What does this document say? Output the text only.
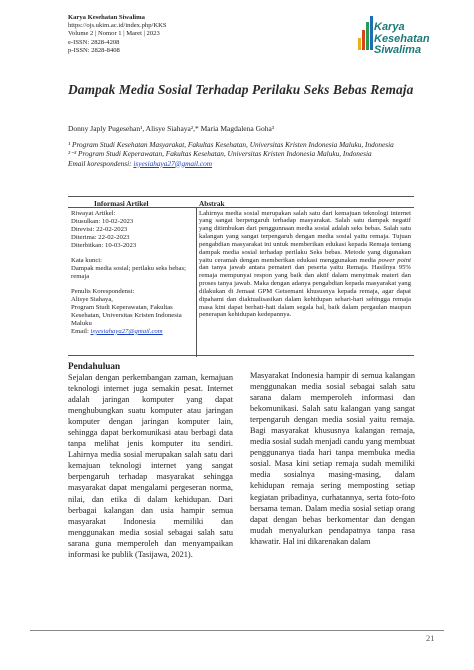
Karya Kesehatan Siwalima
https://ojs.ukim.ac.id/index.php/KKS
Volume 2 | Nomor 1 | Maret | 2023
e-ISSN: 2828-4208
p-ISSN: 2828-8408
Karya
Kesehatan
Siwalima
Dampak Media Sosial Terhadap Perilaku Seks Bebas Remaja
Donny Japly Pugesehan¹, Alisye Siahaya²,* Maria Magdalena Goha³
¹ Program Studi Kesehatan Masyarakat, Fakultas Kesehatan, Universitas Kristen Indonesia Maluku, Indonesia
²⁻³ Program Studi Keperawatan, Fakultas Kesehatan, Universitas Kristen Indonesia Maluku, Indonesia
Email korespondensi: isyesiahaya27@gmail.com
Informasi Artikel	Abstrak
Riwayat Artikel:
Diusulkan: 10-02-2023
Direvisi: 22-02-2023
Diterima: 22-02-2023
Diterbitkan: 10-03-2023
Kata kunci:
Dampak media sosial; perilaku seks bebas; remaja
Penulis Korespondensi:
Alisye Siahaya,
Program Studi Keperawatan, Fakultas Kesehatan, Universitas Kristen Indonesia Maluku
Email: isyesiahaya27@gmail.com
Lahirnya media sosial merupakan salah satu dari kemajuan teknologi internet yang sangat berpengaruh terhadap masyarakat. Salah satu dampak negatif yang ditimbukan dari penggunnaan media sosial adalah seks bebas. Salah satu kalangan yang sangat terpengaruh dengan media sosial yaitu remaja. Tujuan pengabdian masyarakat ini untuk memberikan edukasi kepada Remaja tentang dampak media sosial terhadap perilaku Seks bebas. Metode yang digunakan yaitu ceramah dengan memberikan edukasi menggunakan media power point dan tanya jawab antara pemateri dan peserta yaitu Remaja. Hasilnya 95% remaja mempunyai respon yang baik dan aktif dalam menyimak materi dan proses tanya jawab. Maka dengan adanya pengabdian kepada masyarakat yang dilakukan di Jemaat GPM Getsemani khususnya kepada remaja, agar dapat dipahami dan diaktualisasikan dalam kehidupan sehari-hari sehingga remaja masa kini dapat berhati-hati dalam segala hal, baik dalam pergaulan maupun penerapan kehidupan kedepannya.
Pendahuluan

Sejalan dengan perkembangan zaman, kemajuan teknologi internet juga semakin pesat. Internet adalah jaringan komputer yang dapat menghubungkan suatu komputer atau jaringan komputer dengan jaringan komputer lain, sehingga dapat berkomunikasi atau berbagi data tanpa melihat jenis komputer itu sendiri. Lahirnya media sosial merupakan salah satu dari kemajuan teknologi internet yang sangat berpengaruh terhadap masyarakat sehingga masyarakat dapat mengalami pergeseran norma, nilai, dan etika di dalam kehidupan. Dari berbagai kalangan dan usia hampir semua masyarakat Indonesia memiliki dan menggunakan media sosial sebagai salah satu sarana guna memperoleh dan menyampaikan informasi ke publik (Tasijawa, 2021).

Masyarakat Indonesia hampir di semua kalangan menggunakan media sosial sebagai salah satu sarana dalam memperoleh informasi dan bekomunikasi. Salah satu kalangan yang sangat terpengaruh dengan media sosial yaitu remaja. Bagi masyarakat khususnya kalangan remaja, media sosial sudah menjadi candu yang membuat penggunanya tiada hari tanpa membuka media sosial. Masa kini setiap remaja sudah memiliki media sosialnya masing-masing, dalam kehidupan remaja sering memposting setiap kegiatan pribadinya, curhatannya, serta foto-foto bersama teman. Dalam media sosial setiap orang dapat dengan bebas berkomentar dan dengan mudah menyalurkan pendapatnya tanpa rasa khawatir. Hal ini dikarenakan dalam

21
